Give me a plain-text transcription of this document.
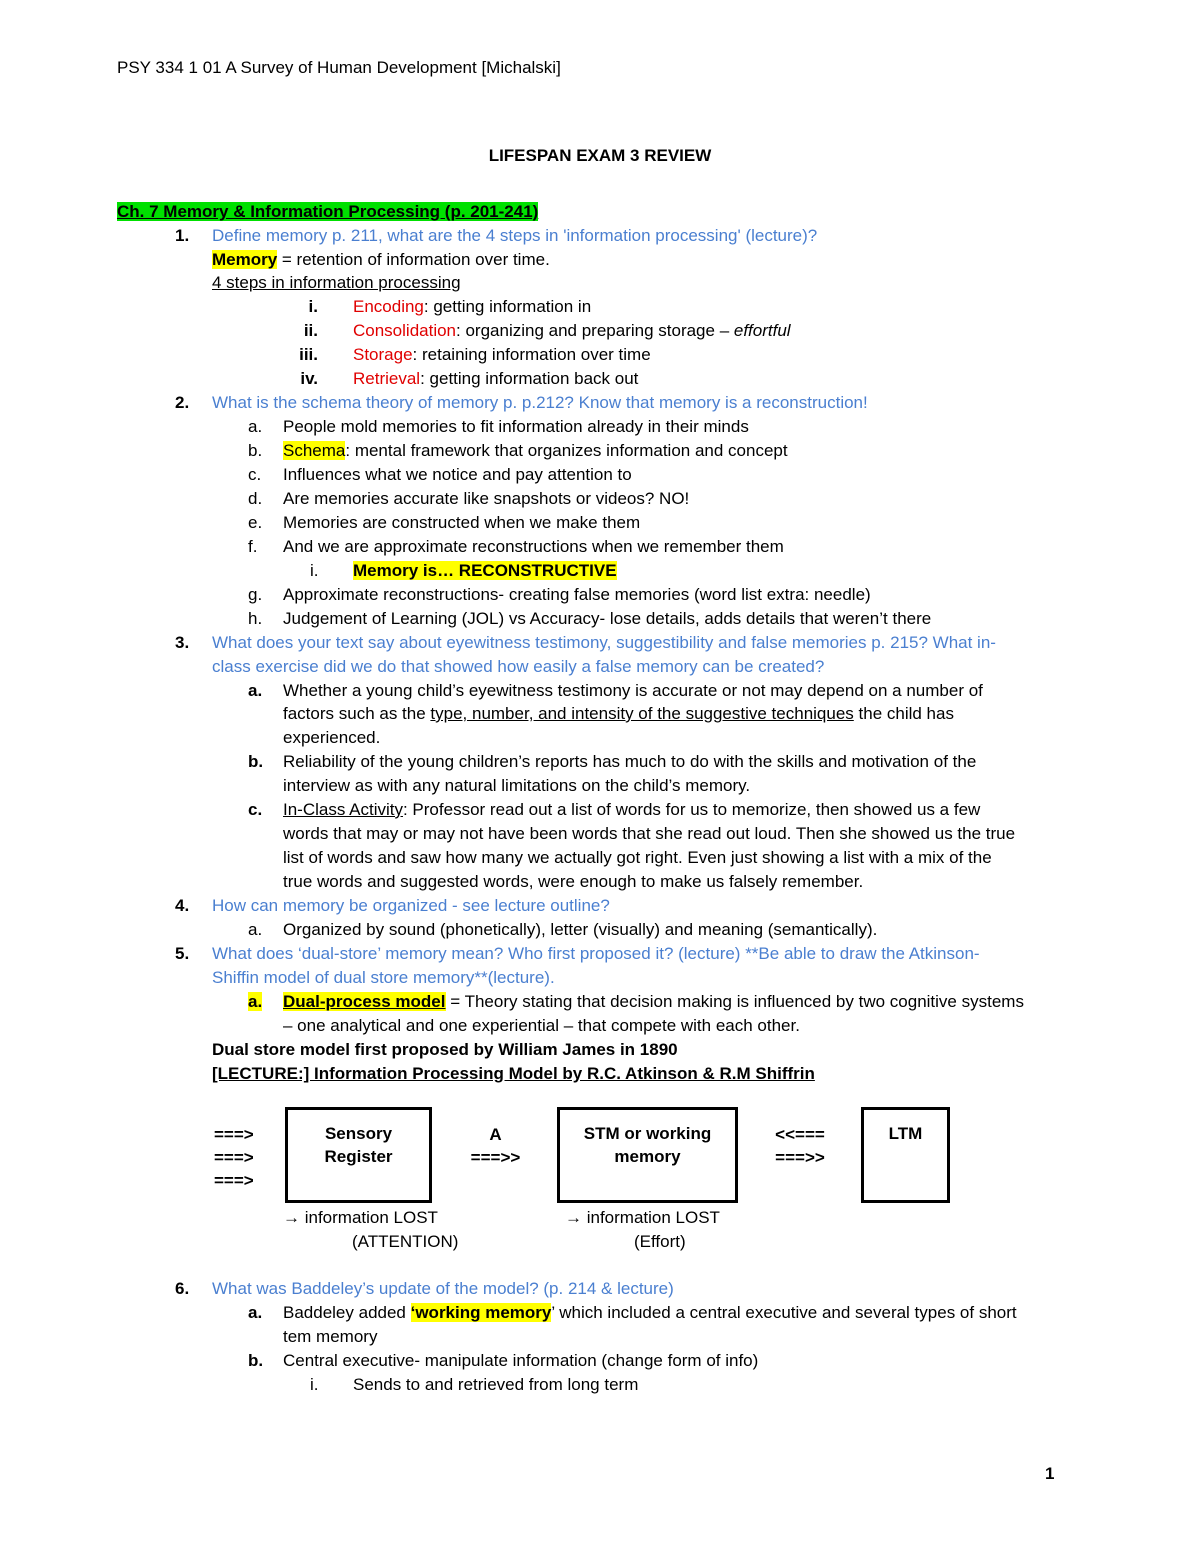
PSY 334 1 01 A Survey of Human Development [Michalski]
LIFESPAN EXAM 3 REVIEW
Ch. 7 Memory & Information Processing (p. 201-241)
1. Define memory p. 211, what are the 4 steps in 'information processing' (lecture)?
Memory = retention of information over time.
4 steps in information processing
i. Encoding: getting information in
ii. Consolidation: organizing and preparing storage – effortful
iii. Storage: retaining information over time
iv. Retrieval: getting information back out
2. What is the schema theory of memory p. p.212? Know that memory is a reconstruction!
a. People mold memories to fit information already in their minds
b. Schema: mental framework that organizes information and concept
c. Influences what we notice and pay attention to
d. Are memories accurate like snapshots or videos? NO!
e. Memories are constructed when we make them
f. And we are approximate reconstructions when we remember them
i. Memory is… RECONSTRUCTIVE
g. Approximate reconstructions- creating false memories (word list extra: needle)
h. Judgement of Learning (JOL) vs Accuracy- lose details, adds details that weren’t there
3. What does your text say about eyewitness testimony, suggestibility and false memories p. 215? What in-
class exercise did we do that showed how easily a false memory can be created?
a. Whether a young child’s eyewitness testimony is accurate or not may depend on a number of
factors such as the type, number, and intensity of the suggestive techniques the child has
experienced.
b. Reliability of the young children’s reports has much to do with the skills and motivation of the
interview as with any natural limitations on the child’s memory.
c. In-Class Activity: Professor read out a list of words for us to memorize, then showed us a few
words that may or may not have been words that she read out loud. Then she showed us the true
list of words and saw how many we actually got right. Even just showing a list with a mix of the
true words and suggested words, were enough to make us falsely remember.
4. How can memory be organized - see lecture outline?
a. Organized by sound (phonetically), letter (visually) and meaning (semantically).
5. What does ‘dual-store’ memory mean? Who first proposed it? (lecture) **Be able to draw the Atkinson-
Shiffin model of dual store memory**(lecture).
a. Dual-process model = Theory stating that decision making is influenced by two cognitive systems
– one analytical and one experiential – that compete with each other.
Dual store model first proposed by William James in 1890
[LECTURE:] Information Processing Model by R.C. Atkinson & R.M Shiffrin
===>
===>
===>
Sensory
Register
A
===>>
STM or working
memory
<<===
===>>
LTM
→ information LOST
(ATTENTION)
→ information LOST
(Effort)
6. What was Baddeley’s update of the model? (p. 214 & lecture)
a. Baddeley added ‘working memory’ which included a central executive and several types of short
tem memory
b. Central executive- manipulate information (change form of info)
i. Sends to and retrieved from long term
1
